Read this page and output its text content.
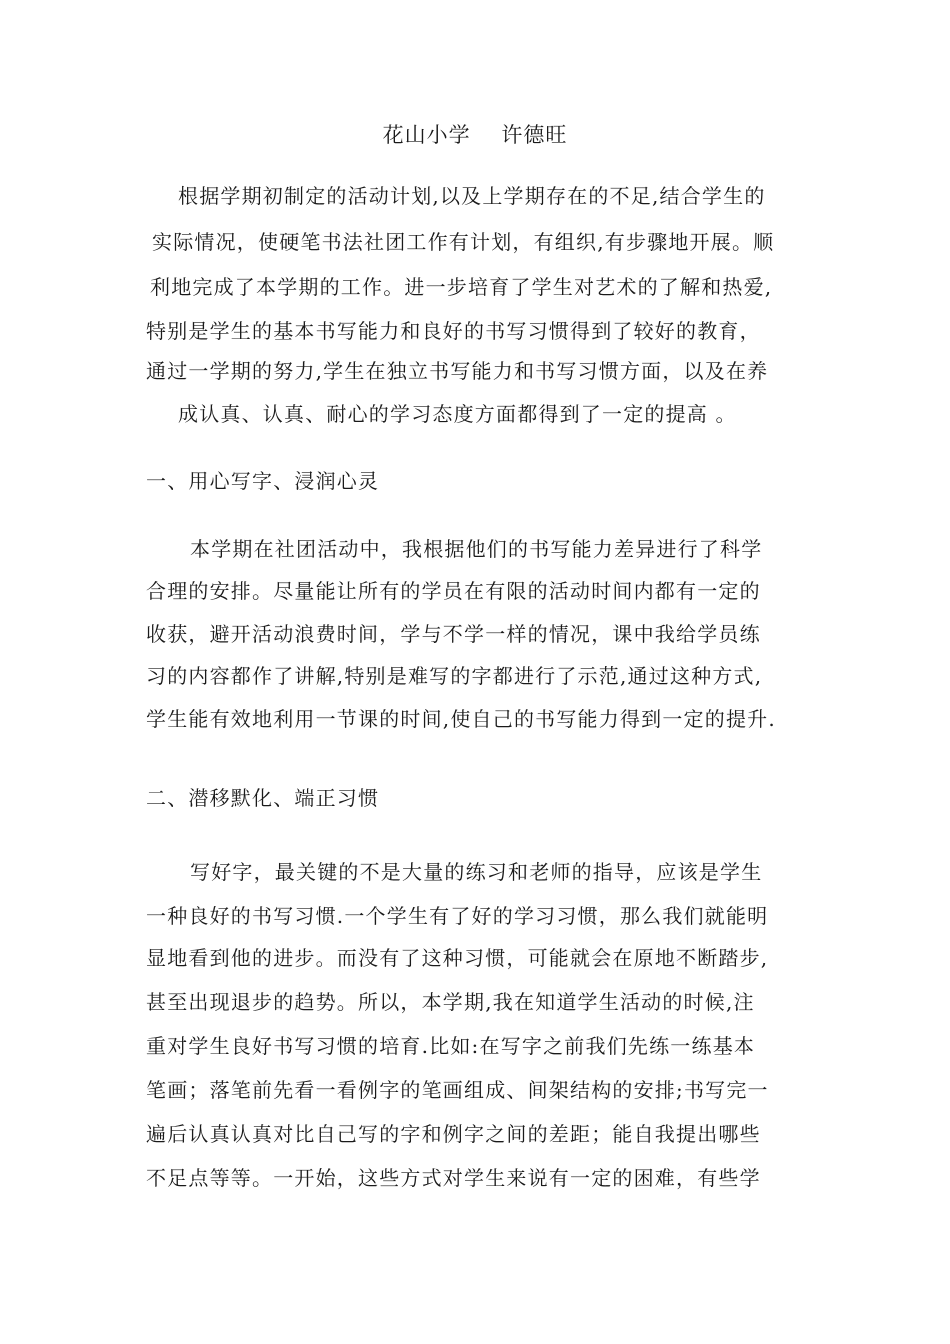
花山小学    许德旺
根据学期初制定的活动计划,以及上学期存在的不足,结合学生的
实际情况，使硬笔书法社团工作有计划，有组织,有步骤地开展。顺
利地完成了本学期的工作。进一步培育了学生对艺术的了解和热爱,
特别是学生的基本书写能力和良好的书写习惯得到了较好的教育，
通过一学期的努力,学生在独立书写能力和书写习惯方面，以及在养
成认真、认真、耐心的学习态度方面都得到了一定的提高 。
一、用心写字、浸润心灵
本学期在社团活动中，我根据他们的书写能力差异进行了科学
合理的安排。尽量能让所有的学员在有限的活动时间内都有一定的
收获，避开活动浪费时间，学与不学一样的情况，课中我给学员练
习的内容都作了讲解,特别是难写的字都进行了示范,通过这种方式,
学生能有效地利用一节课的时间,使自己的书写能力得到一定的提升.
二、潜移默化、端正习惯
写好字，最关键的不是大量的练习和老师的指导，应该是学生
一种良好的书写习惯.一个学生有了好的学习习惯，那么我们就能明
显地看到他的进步。而没有了这种习惯，可能就会在原地不断踏步,
甚至出现退步的趋势。所以，本学期,我在知道学生活动的时候,注
重对学生良好书写习惯的培育.比如:在写字之前我们先练一练基本
笔画；落笔前先看一看例字的笔画组成、间架结构的安排;书写完一
遍后认真认真对比自己写的字和例字之间的差距；能自我提出哪些
不足点等等。一开始，这些方式对学生来说有一定的困难，有些学
